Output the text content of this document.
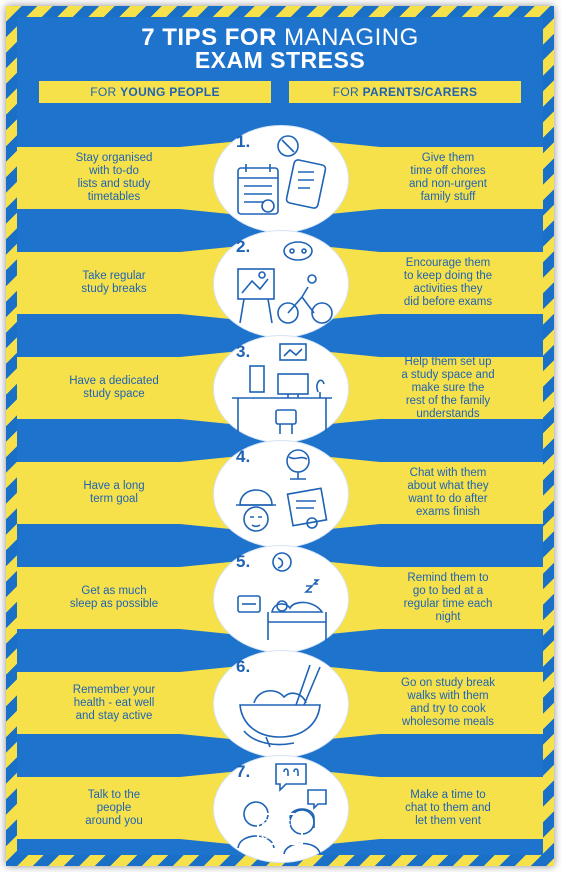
7 TIPS FOR MANAGING
EXAM STRESS
FOR YOUNG PEOPLE	FOR PARENTS/CARERS
Stay organised
with to-do
lists and study
timetables
Give them
time off chores
and non-urgent
family stuff
1.
Take regular
study breaks
Encourage them
to keep doing the
activities they
did before exams
2.
Have a dedicated
study space
Help them set up
a study space and
make sure the
rest of the family
understands
3.
Have a long
term goal
Chat with them
about what they
want to do after
exams finish
4.
Get as much
sleep as possible
Remind them to
go to bed at a
regular time each
night
5.
Remember your
health - eat well
and stay active
Go on study break
walks with them
and try to cook
wholesome meals
6.
Talk to the
people
around you
Make a time to
chat to them and
let them vent
7.
REACH
OUT.COM
